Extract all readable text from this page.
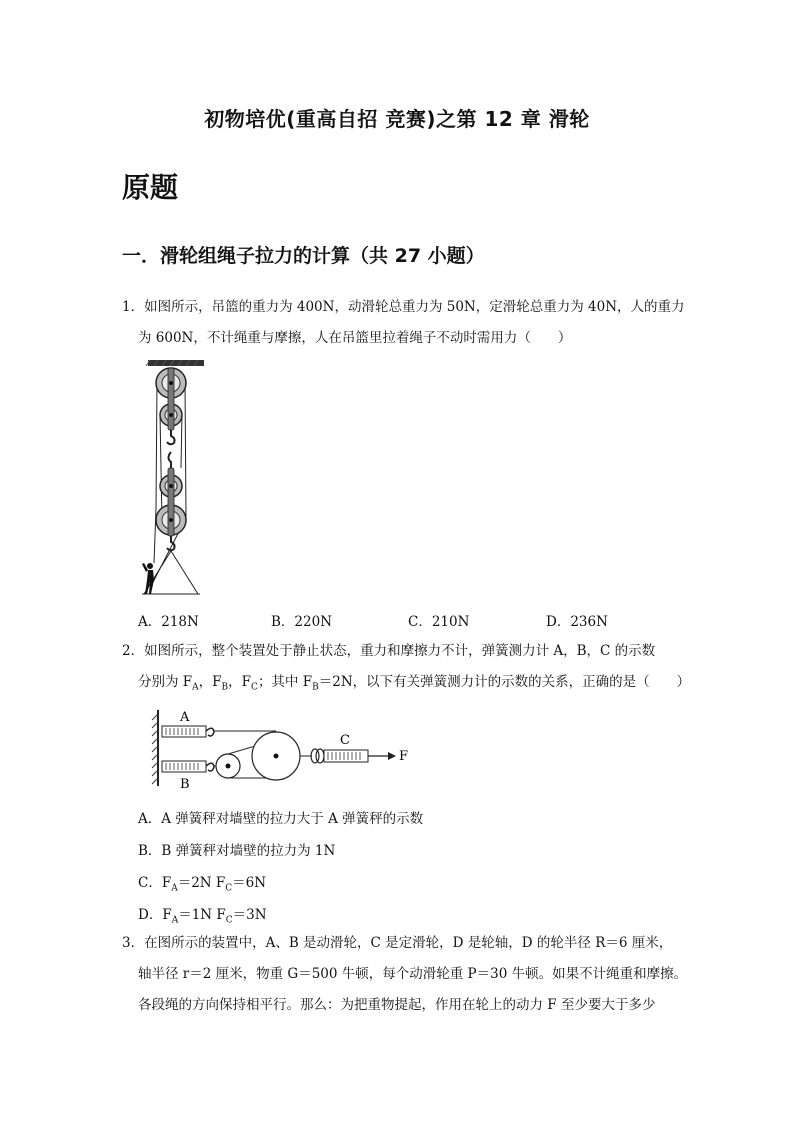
初物培优(重高自招 竞赛)之第 12 章 滑轮
原题
一．滑轮组绳子拉力的计算（共 27 小题）
1．如图所示，吊篮的重力为 400N，动滑轮总重力为 50N，定滑轮总重力为 40N，人的重力
为 600N，不计绳重与摩擦，人在吊篮里拉着绳子不动时需用力（　　）
A．218N	B．220N	C．210N	D．236N
2．如图所示，整个装置处于静止状态，重力和摩擦力不计，弹簧测力计 A，B，C 的示数
分别为 $F_A$，$F_B$，$F_C$；其中 $F_B=2N$，以下有关弹簧测力计的示数的关系，正确的是（　　）
A
B
C
F
A．A 弹簧秤对墙壁的拉力大于 A 弹簧秤的示数
B．B 弹簧秤对墙壁的拉力为 1N
C．$F_A=2N$ $F_C=6N$
D．$F_A=1N$ $F_C=3N$
3．在图所示的装置中，A、B 是动滑轮，C 是定滑轮，D 是轮轴，D 的轮半径 R＝6 厘米，
轴半径 r＝2 厘米，物重 G＝500 牛顿，每个动滑轮重 P＝30 牛顿。如果不计绳重和摩擦。
各段绳的方向保持相平行。那么：为把重物提起，作用在轮上的动力 F 至少要大于多少
